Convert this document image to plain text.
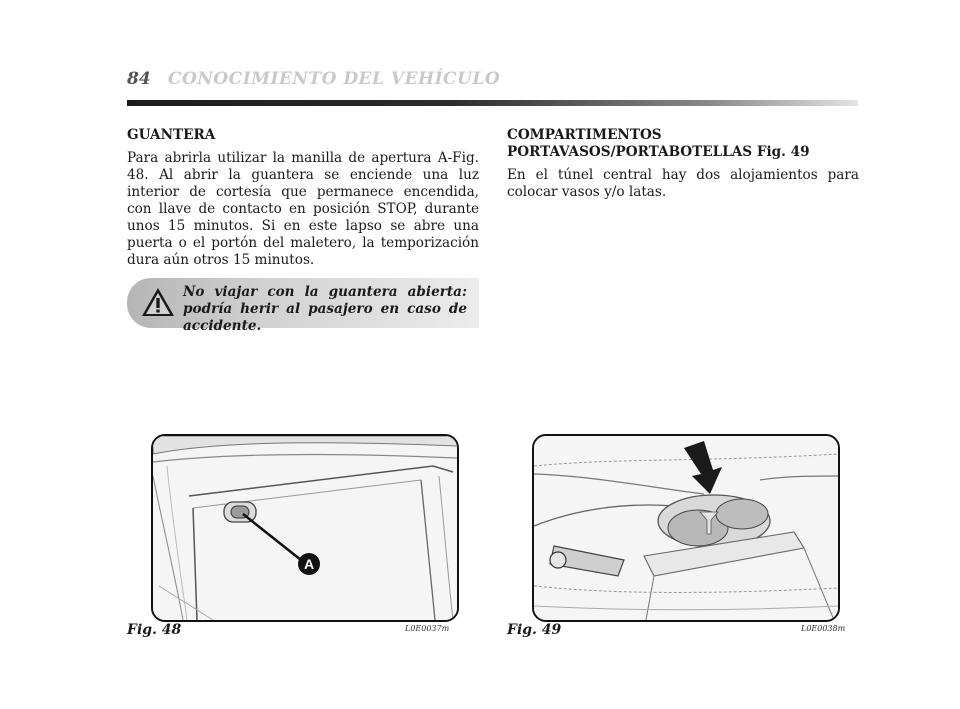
84 CONOCIMIENTO DEL VEHÍCULO

GUANTERA

Para abrirla utilizar la manilla de apertura A-Fig. 48. Al abrir la guantera se enciende una luz interior de cortesía que permanece encendida, con llave de contacto en posición STOP, durante unos 15 minutos. Si en este lapso se abre una puerta o el portón del maletero, la temporización dura aún otros 15 minutos.

No viajar con la guantera abierta: podría herir al pasajero en caso de accidente.

COMPARTIMENTOS PORTAVASOS/PORTABOTELLAS Fig. 49

En el túnel central hay dos alojamientos para colocar vasos y/o latas.

A
Fig. 48	L0E0037m	Fig. 49	L0E0038m
